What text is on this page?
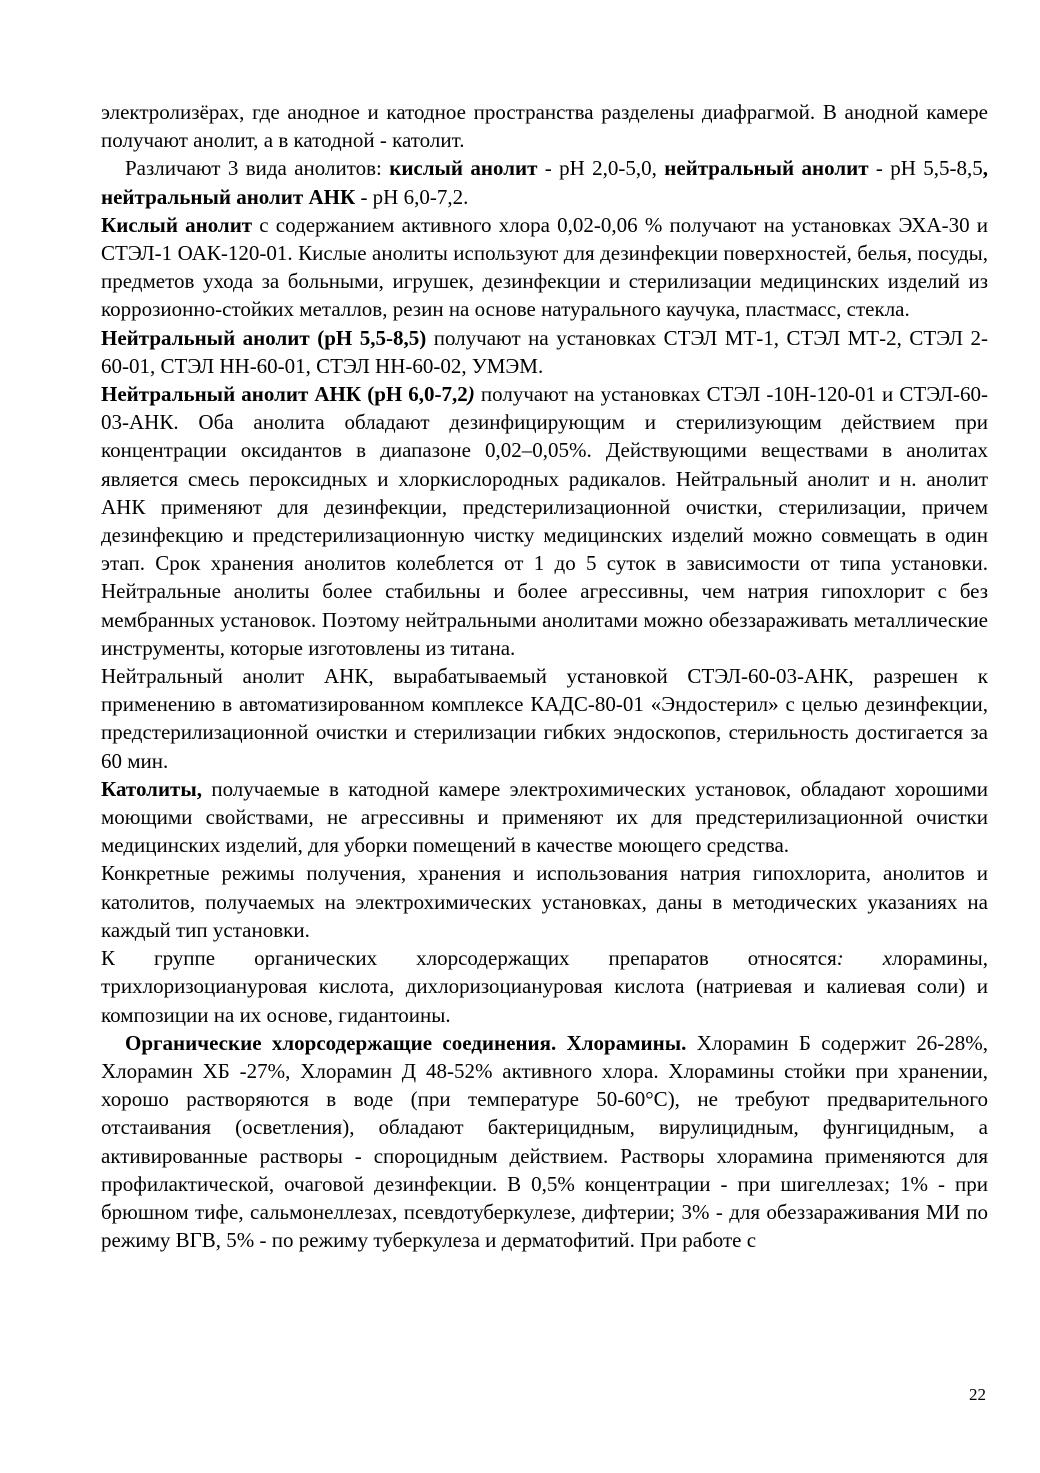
электролизёрах, где анодное и катодное пространства разделены диафрагмой. В анодной камере получают анолит, а в катодной - католит.

Различают 3 вида анолитов: кислый анолит - pH 2,0-5,0, нейтральный анолит - pH 5,5-8,5, нейтральный анолит АНК - pH 6,0-7,2.

Кислый анолит с содержанием активного хлора 0,02-0,06 % получают на установках ЭХА-30 и СТЭЛ-1 ОАК-120-01. Кислые анолиты используют для дезинфекции поверхностей, белья, посуды, предметов ухода за больными, игрушек, дезинфекции и стерилизации медицинских изделий из коррозионно-стойких металлов, резин на основе натурального каучука, пластмасс, стекла.

Нейтральный анолит (рН 5,5-8,5) получают на установках СТЭЛ МТ-1, СТЭЛ МТ-2, СТЭЛ 2-60-01, СТЭЛ НН-60-01, СТЭЛ НН-60-02, УМЭМ.

Нейтральный анолит АНК (рН 6,0-7,2) получают на установках СТЭЛ -10Н-120-01 и СТЭЛ-60-03-АНК. Оба анолита обладают дезинфицирующим и стерилизующим действием при концентрации оксидантов в диапазоне 0,02–0,05%. Действующими веществами в анолитах является смесь пероксидных и хлоркислородных радикалов. Нейтральный анолит и н. анолит АНК применяют для дезинфекции, предстерилизационной очистки, стерилизации, причем дезинфекцию и предстерилизационную чистку медицинских изделий можно совмещать в один этап. Срок хранения анолитов колеблется от 1 до 5 суток в зависимости от типа установки. Нейтральные анолиты более стабильны и более агрессивны, чем натрия гипохлорит с без мембранных установок. Поэтому нейтральными анолитами можно обеззараживать металлические инструменты, которые изготовлены из титана.

Нейтральный анолит АНК, вырабатываемый установкой СТЭЛ-60-03-АНК, разрешен к применению в автоматизированном комплексе КАДС-80-01 «Эндостерил» с целью дезинфекции, предстерилизационной очистки и стерилизации гибких эндоскопов, стерильность достигается за 60 мин.

Католиты, получаемые в катодной камере электрохимических установок, обладают хорошими моющими свойствами, не агрессивны и применяют их для предстерилизационной очистки медицинских изделий, для уборки помещений в качестве моющего средства.

Конкретные режимы получения, хранения и использования натрия гипохлорита, анолитов и католитов, получаемых на электрохимических установках, даны в методических указаниях на каждый тип установки.

К группе органических хлорсодержащих препаратов относятся: хлорамины, трихлоризоциануровая кислота, дихлоризоциануровая кислота (натриевая и калиевая соли) и композиции на их основе, гидантоины.

Органические хлорсодержащие соединения. Хлорамины. Хлорамин Б содержит 26-28%, Хлорамин ХБ -27%, Хлорамин Д 48-52% активного хлора. Хлорамины стойки при хранении, хорошо растворяются в воде (при температуре 50-60°С), не требуют предварительного отстаивания (осветления), обладают бактерицидным, вирулицидным, фунгицидным, а активированные растворы - спороцидным действием. Растворы хлорамина применяются для профилактической, очаговой дезинфекции. В 0,5% концентрации - при шигеллезах; 1% - при брюшном тифе, сальмонеллезах, псевдотуберкулезе, дифтерии; 3% - для обеззараживания МИ по режиму ВГВ, 5% - по режиму туберкулеза и дерматофитий. При работе с

22
